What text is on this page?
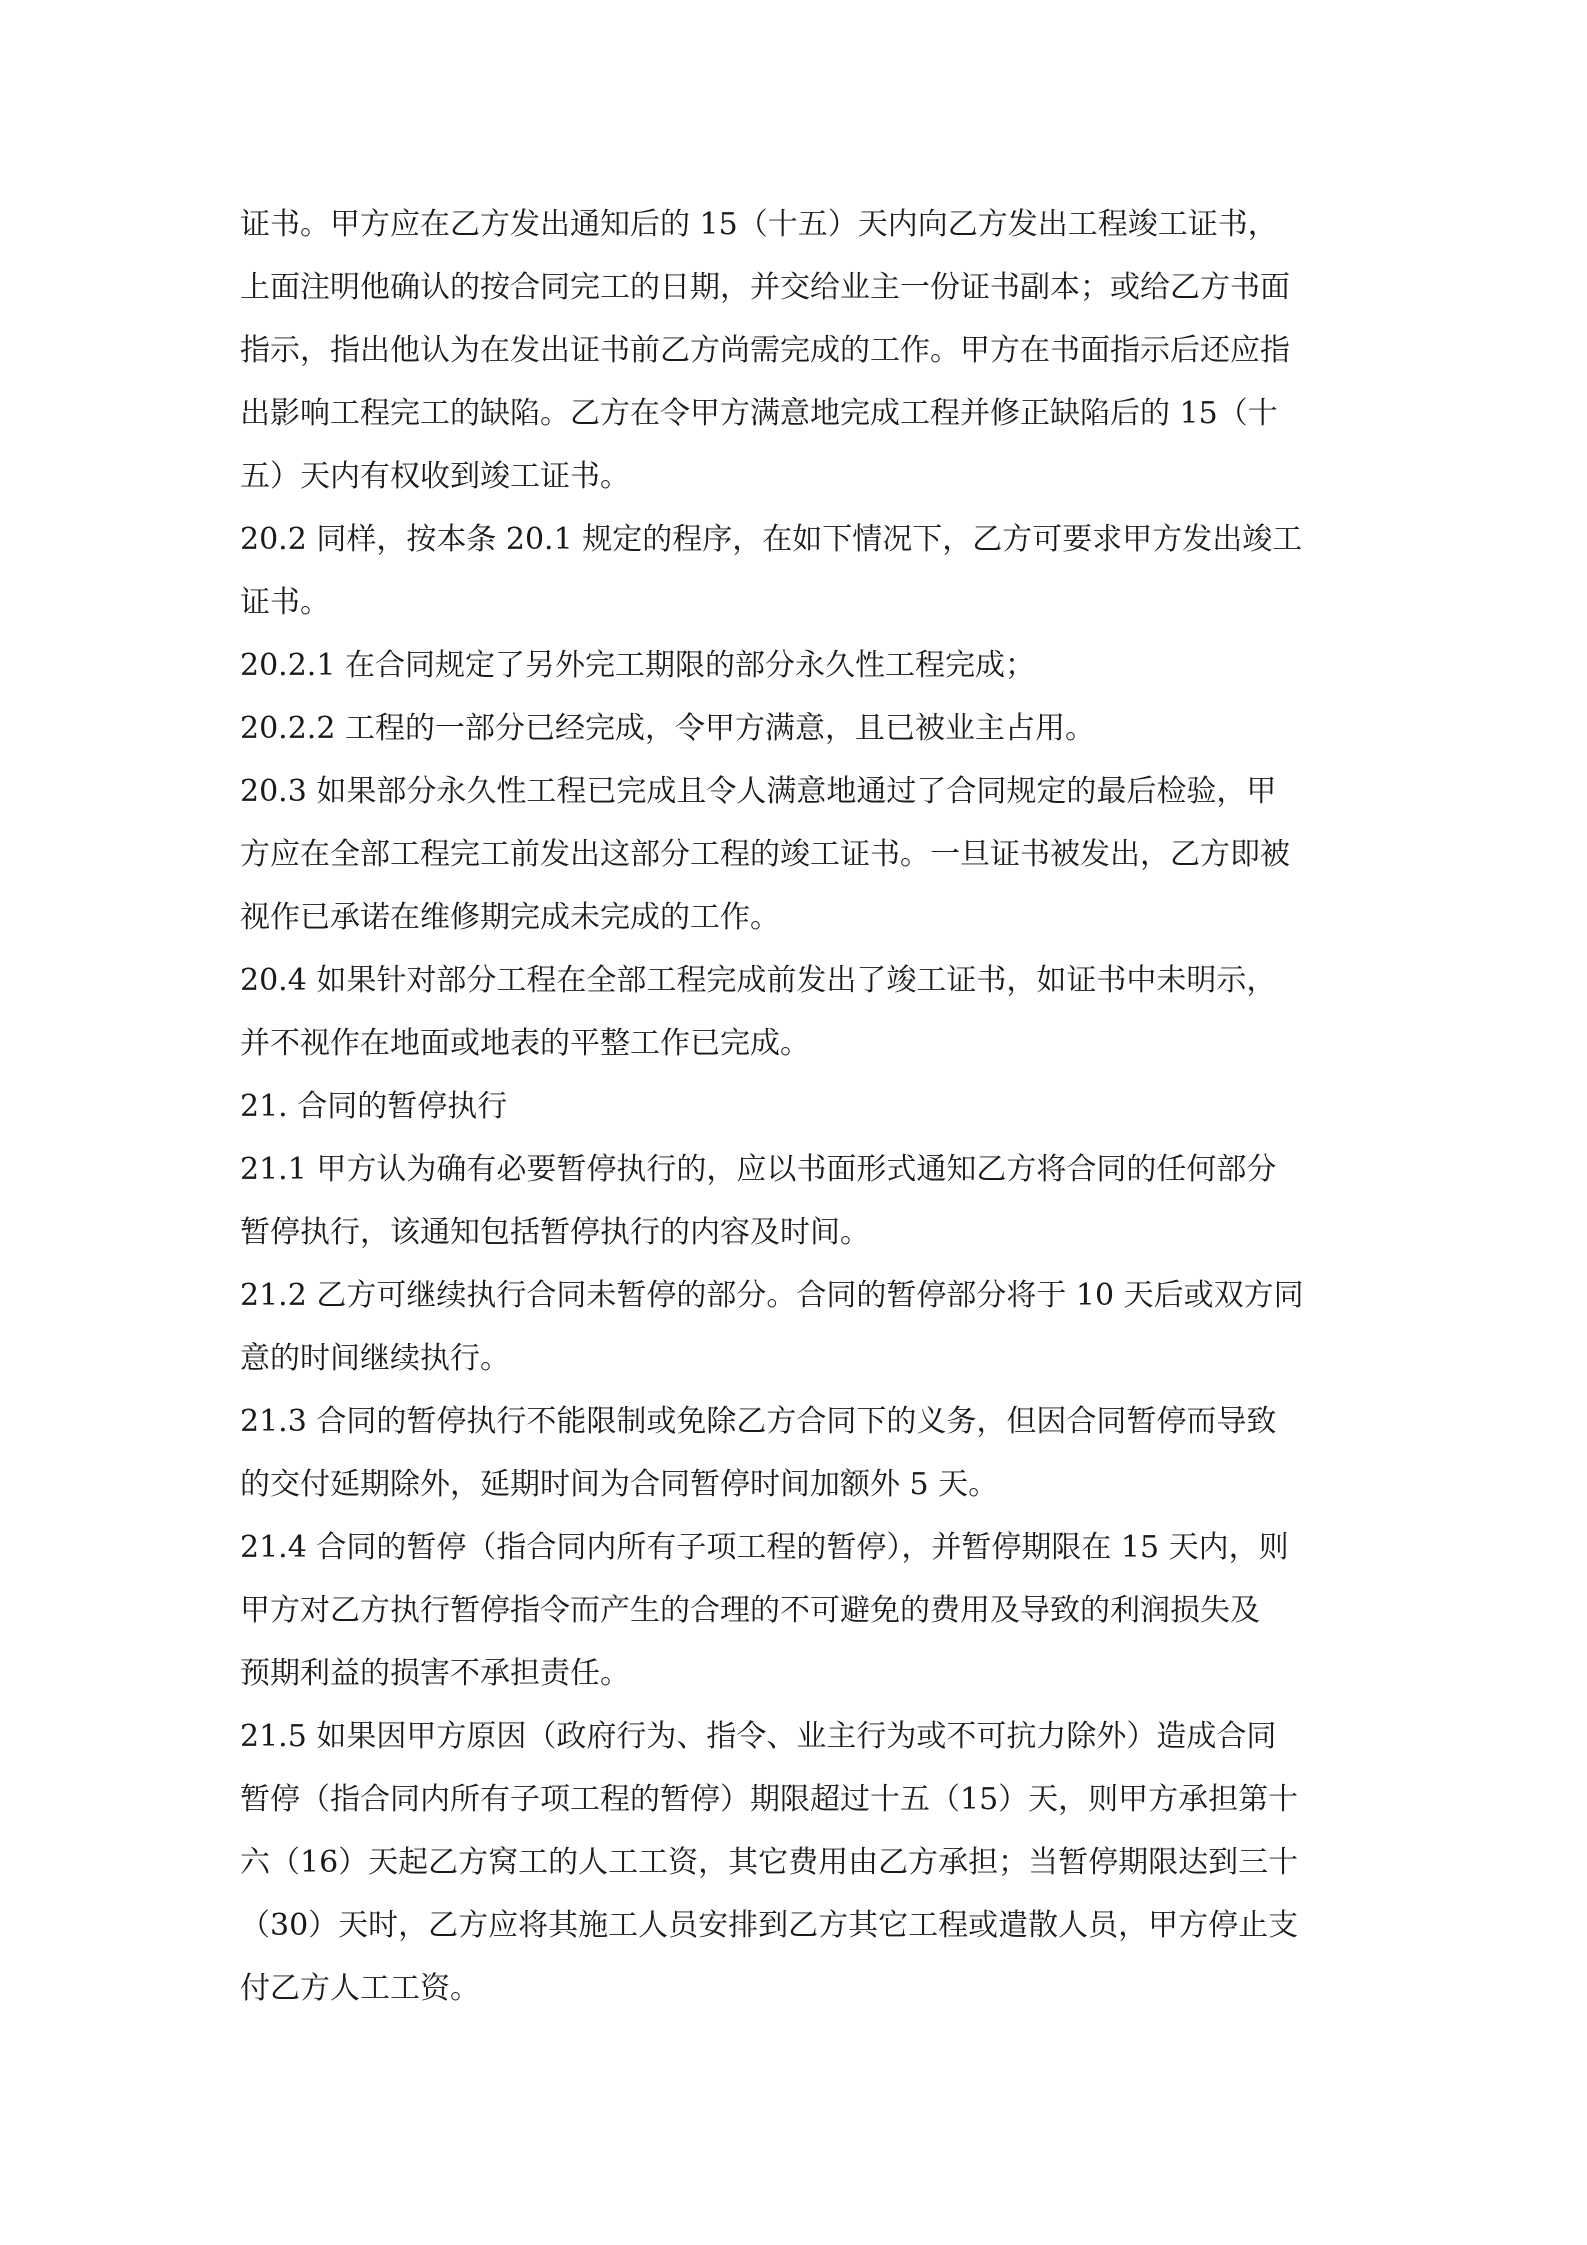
证书。甲方应在乙方发出通知后的 15（十五）天内向乙方发出工程竣工证书，

上面注明他确认的按合同完工的日期，并交给业主一份证书副本；或给乙方书面

指示，指出他认为在发出证书前乙方尚需完成的工作。甲方在书面指示后还应指

出影响工程完工的缺陷。乙方在令甲方满意地完成工程并修正缺陷后的 15（十

五）天内有权收到竣工证书。

20.2 同样，按本条 20.1 规定的程序，在如下情况下，乙方可要求甲方发出竣工

证书。

20.2.1 在合同规定了另外完工期限的部分永久性工程完成；

20.2.2 工程的一部分已经完成，令甲方满意，且已被业主占用。

20.3 如果部分永久性工程已完成且令人满意地通过了合同规定的最后检验，甲

方应在全部工程完工前发出这部分工程的竣工证书。一旦证书被发出，乙方即被

视作已承诺在维修期完成未完成的工作。

20.4 如果针对部分工程在全部工程完成前发出了竣工证书，如证书中未明示，

并不视作在地面或地表的平整工作已完成。

21. 合同的暂停执行

21.1 甲方认为确有必要暂停执行的，应以书面形式通知乙方将合同的任何部分

暂停执行，该通知包括暂停执行的内容及时间。

21.2 乙方可继续执行合同未暂停的部分。合同的暂停部分将于 10 天后或双方同

意的时间继续执行。

21.3 合同的暂停执行不能限制或免除乙方合同下的义务，但因合同暂停而导致

的交付延期除外，延期时间为合同暂停时间加额外 5 天。

21.4 合同的暂停（指合同内所有子项工程的暂停），并暂停期限在 15 天内，则

甲方对乙方执行暂停指令而产生的合理的不可避免的费用及导致的利润损失及

预期利益的损害不承担责任。

21.5 如果因甲方原因（政府行为、指令、业主行为或不可抗力除外）造成合同

暂停（指合同内所有子项工程的暂停）期限超过十五（15）天，则甲方承担第十

六（16）天起乙方窝工的人工工资，其它费用由乙方承担；当暂停期限达到三十

（30）天时，乙方应将其施工人员安排到乙方其它工程或遣散人员，甲方停止支

付乙方人工工资。
